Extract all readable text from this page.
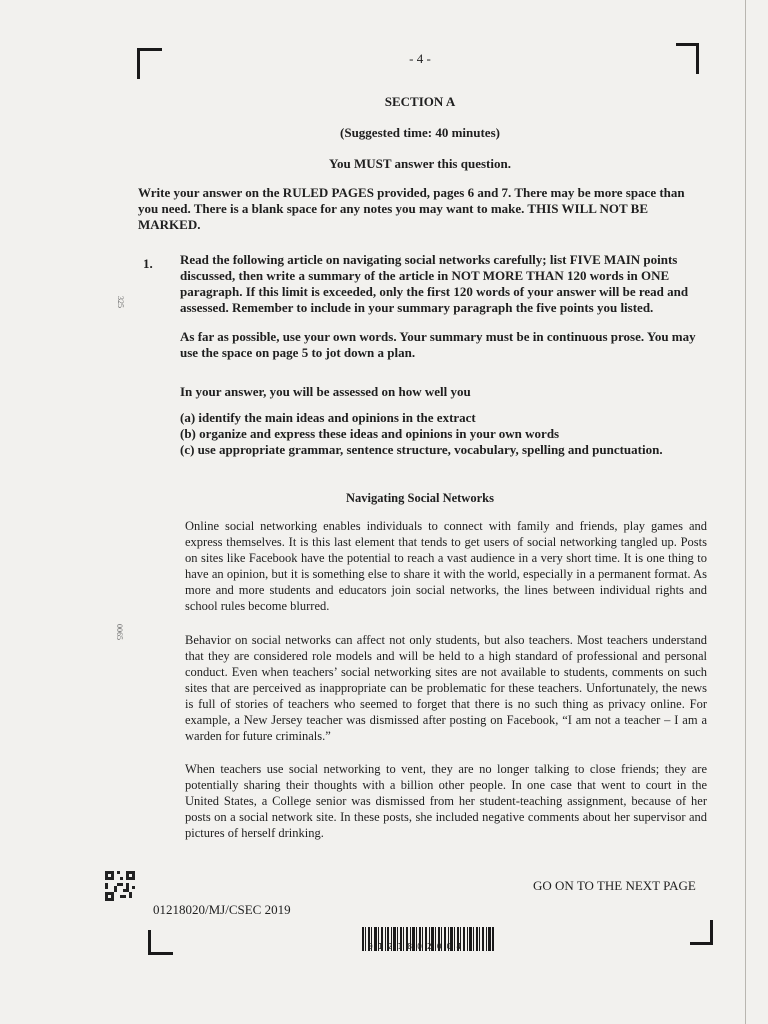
- 4 -
SECTION A
(Suggested time: 40 minutes)
You MUST answer this question.
Write your answer on the RULED PAGES provided, pages 6 and 7. There may be more space than you need. There is a blank space for any notes you may want to make. THIS WILL NOT BE MARKED.
1. Read the following article on navigating social networks carefully; list FIVE MAIN points discussed, then write a summary of the article in NOT MORE THAN 120 words in ONE paragraph. If this limit is exceeded, only the first 120 words of your answer will be read and assessed. Remember to include in your summary paragraph the five points you listed.
As far as possible, use your own words. Your summary must be in continuous prose. You may use the space on page 5 to jot down a plan.
In your answer, you will be assessed on how well you
(a) identify the main ideas and opinions in the extract
(b) organize and express these ideas and opinions in your own words
(c) use appropriate grammar, sentence structure, vocabulary, spelling and punctuation.
Navigating Social Networks
Online social networking enables individuals to connect with family and friends, play games and express themselves. It is this last element that tends to get users of social networking tangled up. Posts on sites like Facebook have the potential to reach a vast audience in a very short time. It is one thing to have an opinion, but it is something else to share it with the world, especially in a permanent format. As more and more students and educators join social networks, the lines between individual rights and school rules become blurred.
Behavior on social networks can affect not only students, but also teachers. Most teachers understand that they are considered role models and will be held to a high standard of professional and personal conduct. Even when teachers’ social networking sites are not available to students, comments on such sites that are perceived as inappropriate can be problematic for these teachers. Unfortunately, the news is full of stories of teachers who seemed to forget that there is no such thing as privacy online. For example, a New Jersey teacher was dismissed after posting on Facebook, “I am not a teacher – I am a warden for future criminals.”
When teachers use social networking to vent, they are no longer talking to close friends; they are potentially sharing their thoughts with a billion other people. In one case that went to court in the United States, a College senior was dismissed from her student-teaching assignment, because of her posts on a social network site. In these posts, she included negative comments about her supervisor and pictures of herself drinking.
325
0065
01218020/MJ/CSEC 2019
GO ON TO THE NEXT PAGE
0121802004
